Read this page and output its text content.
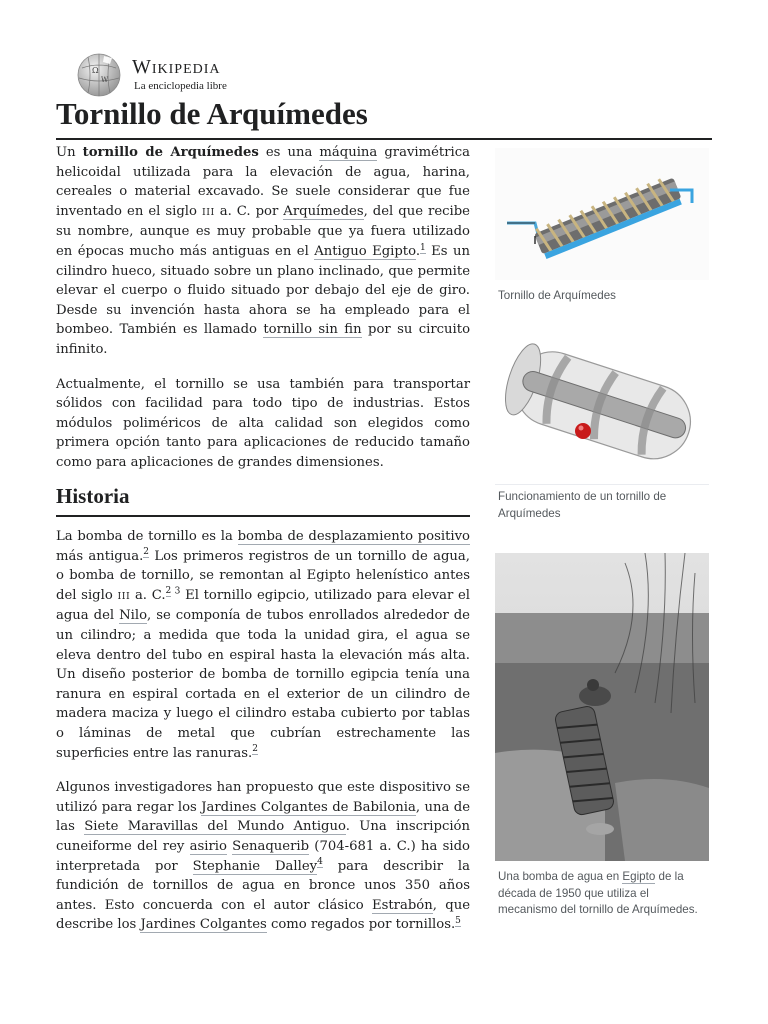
Ω
W
Wikipedia
La enciclopedia libre
Tornillo de Arquímedes

Un tornillo de Arquímedes es una máquina gravimétrica helicoidal utilizada para la elevación de agua, harina, cereales o material excavado. Se suele considerar que fue inventado en el siglo III a. C. por Arquímedes, del que recibe su nombre, aunque es muy probable que ya fuera utilizado en épocas mucho más antiguas en el Antiguo Egipto.$^1$ Es un cilindro hueco, situado sobre un plano inclinado, que permite elevar el cuerpo o fluido situado por debajo del eje de giro. Desde su invención hasta ahora se ha empleado para el bombeo. También es llamado tornillo sin fin por su circuito infinito.

Actualmente, el tornillo se usa también para transportar sólidos con facilidad para todo tipo de industrias. Estos módulos poliméricos de alta calidad son elegidos como primera opción tanto para aplicaciones de reducido tamaño como para aplicaciones de grandes dimensiones.

Historia

La bomba de tornillo es la bomba de desplazamiento positivo más antigua.$^2$ Los primeros registros de un tornillo de agua, o bomba de tornillo, se remontan al Egipto helenístico antes del siglo III a. C.$^{2 3}$ El tornillo egipcio, utilizado para elevar el agua del Nilo, se componía de tubos enrollados alrededor de un cilindro; a medida que toda la unidad gira, el agua se eleva dentro del tubo en espiral hasta la elevación más alta. Un diseño posterior de bomba de tornillo egipcia tenía una ranura en espiral cortada en el exterior de un cilindro de madera maciza y luego el cilindro estaba cubierto por tablas o láminas de metal que cubrían estrechamente las superficies entre las ranuras.$^2$

Algunos investigadores han propuesto que este dispositivo se utilizó para regar los Jardines Colgantes de Babilonia, una de las Siete Maravillas del Mundo Antiguo. Una inscripción cuneiforme del rey asirio Senaquerib (704-681 a. C.) ha sido interpretada por Stephanie Dalley$^4$ para describir la fundición de tornillos de agua en bronce unos 350 años antes. Esto concuerda con el autor clásico Estrabón, que describe los Jardines Colgantes como regados por tornillos.$^5$

Tornillo de Arquímedes
Funcionamiento de un tornillo de Arquímedes
Una bomba de agua en Egipto de la década de 1950 que utiliza el mecanismo del tornillo de Arquímedes.
